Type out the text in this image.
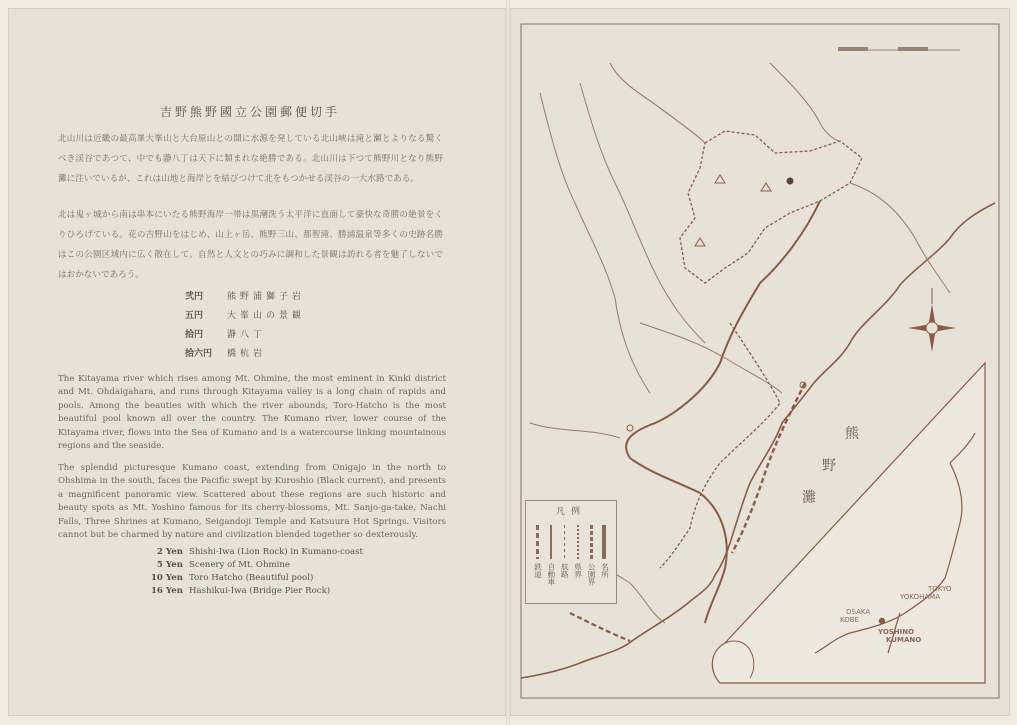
吉野熊野國立公園郵便切手

北山川は近畿の最高峯大峯山と大台原山との間に水源を発している北山峡は滝と瀬とよりなる驚くべき渓谷であつて、中でも瀞八丁は天下に類まれな絶勝である。北山川は下つて熊野川となり熊野灘に注いでいるが、これは山地と海岸とを結びつけて北をもつかせる渓谷の一大水路である。

北は鬼ヶ城から南は串本にいたる熊野海岸一帯は黒潮洗う太平洋に直面して豪快な奇勝の絶景をくりひろげている。花の吉野山をはじめ、山上ヶ岳、熊野三山、那智滝、勝浦温泉等多くの史跡名勝はこの公園区域内に広く散在して、自然と人文との巧みに調和した景観は訪れる者を魅了しないではおかないであろう。

弐円	熊野浦獅子岩
五円	大峯山の景観
拾円	瀞八丁
拾六円	橋杭岩

The Kitayama river which rises among Mt. Ohmine, the most eminent in Kinki district and Mt. Ohdaigahara, and runs through Kitayama valley is a long chain of rapids and pools. Among the beauties with which the river abounds, Toro-Hatcho is the most beautiful pool known all over the country. The Kumano river, lower course of the Kitayama river, flows into the Sea of Kumano and is a watercourse linking mountainous regions and the seaside.

The splendid picturesque Kumano coast, extending from Onigajo in the north to Ohshima in the south, faces the Pacific swept by Kuroshio (Black current), and presents a magnificent panoramic view. Scattered about these regions are such historic and beauty spots as Mt. Yoshino famous for its cherry-blossoms, Mt. Sanjo-ga-take, Nachi Falls, Three Shrines at Kumano, Seigandoji Temple and Katsuura Hot Springs. Visitors cannot but be charmed by nature and civilization blended together so dexterously.

2 Yen Shishi-Iwa (Lion Rock) in Kumano-coast
5 Yen Scenery of Mt. Ohmine
10 Yen Toro Hatcho (Beautiful pool)
16 Yen Hashikui-Iwa (Bridge Pier Rock)
熊
野
灘
YOSHINO
KUMANO
OSAKA
KOBE
TOKYO
YOKOHAMA
凡例
鉄道 自動車 航路 県界 公園界 名所
